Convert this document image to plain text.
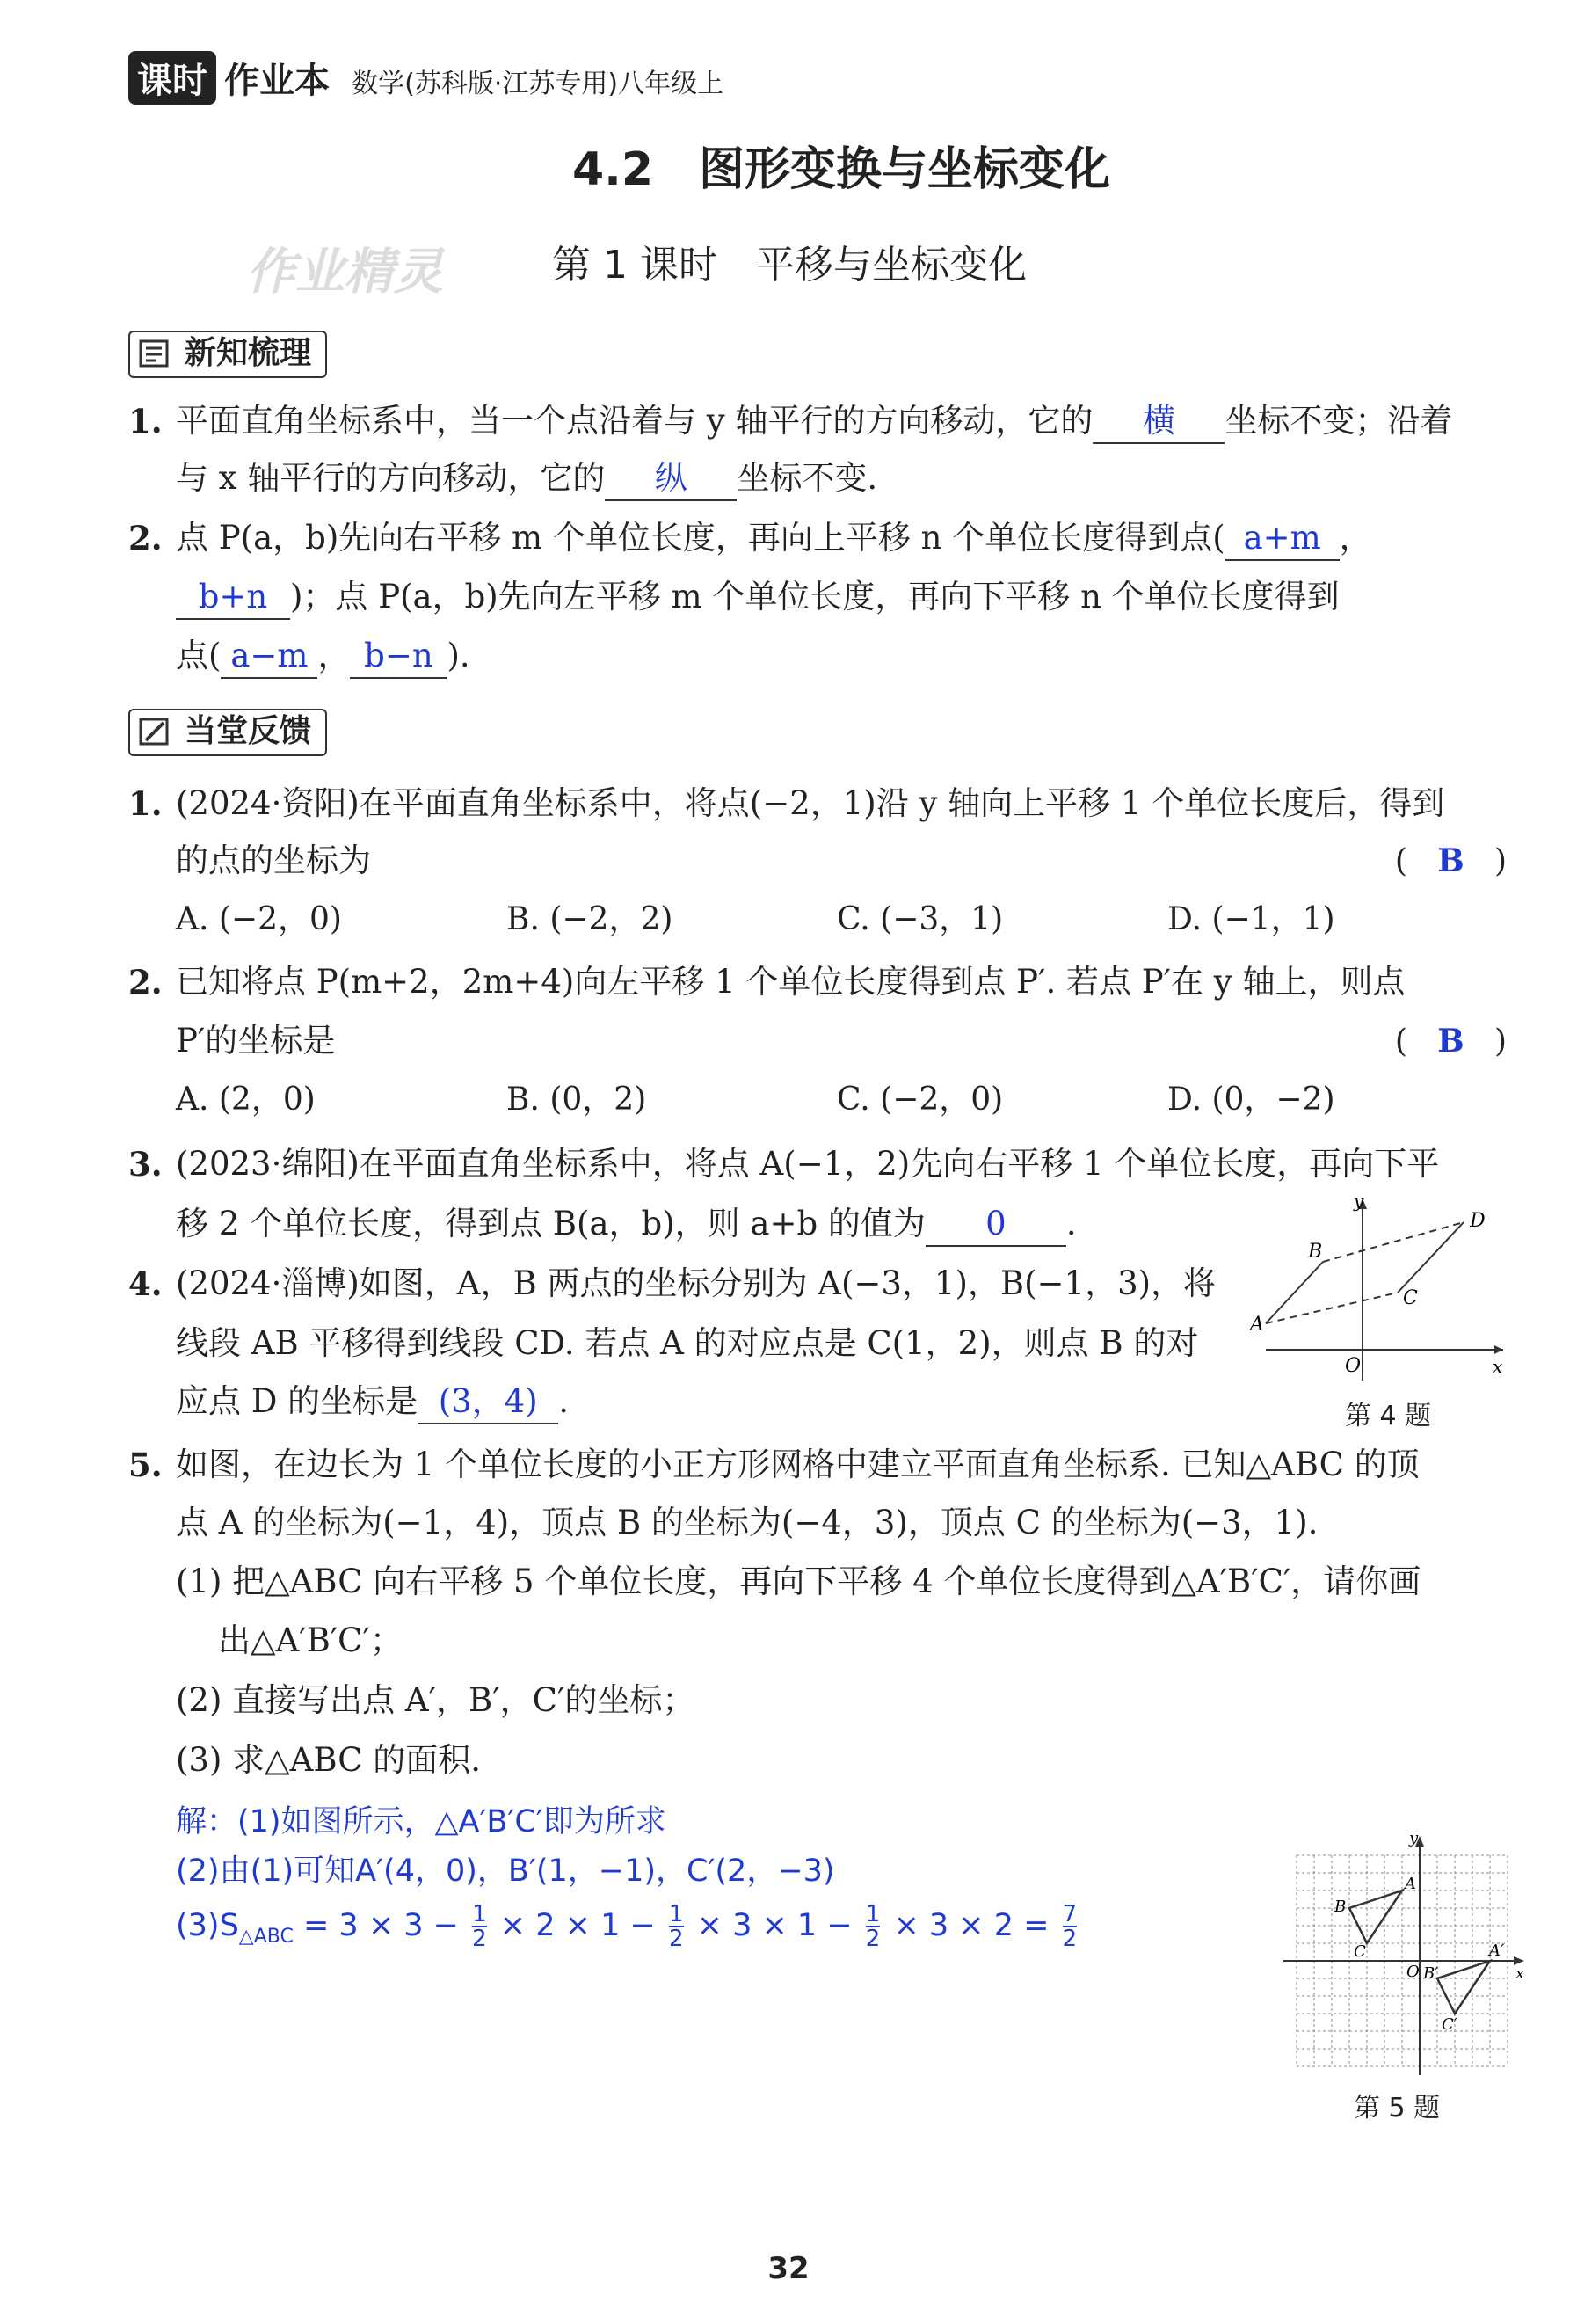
课时 作业本 数学(苏科版·江苏专用)八年级上
4.2　图形变换与坐标变化
作业精灵	第 1 课时　平移与坐标变化
新知梳理
1. 平面直角坐标系中，当一个点沿着与 y 轴平行的方向移动，它的 横 坐标不变；沿着
与 x 轴平行的方向移动，它的 纵 坐标不变.
2. 点 P(a，b)先向右平移 m 个单位长度，再向上平移 n 个单位长度得到点( a+m ，
b+n )；点 P(a，b)先向左平移 m 个单位长度，再向下平移 n 个单位长度得到
点( a−m ， b−n ).
当堂反馈
1. (2024·资阳)在平面直角坐标系中，将点(−2，1)沿 y 轴向上平移 1 个单位长度后，得到
的点的坐标为	(   B   )
A. (−2，0)	B. (−2，2)	C. (−3，1)	D. (−1，1)
2. 已知将点 P(m+2，2m+4)向左平移 1 个单位长度得到点 P′. 若点 P′在 y 轴上，则点
P′的坐标是	(   B   )
A. (2，0)	B. (0，2)	C. (−2，0)	D. (0，−2)
3. (2023·绵阳)在平面直角坐标系中，将点 A(−1，2)先向右平移 1 个单位长度，再向下平
移 2 个单位长度，得到点 B(a，b)，则 a+b 的值为 0 .
4. (2024·淄博)如图，A，B 两点的坐标分别为 A(−3，1)，B(−1，3)，将
线段 AB 平移得到线段 CD. 若点 A 的对应点是 C(1，2)，则点 B 的对
应点 D 的坐标是 (3，4) .
y
x
O
A
B
C
D
第 4 题
5. 如图，在边长为 1 个单位长度的小正方形网格中建立平面直角坐标系. 已知△ABC 的顶
点 A 的坐标为(−1，4)，顶点 B 的坐标为(−4，3)，顶点 C 的坐标为(−3，1).
(1) 把△ABC 向右平移 5 个单位长度，再向下平移 4 个单位长度得到△A′B′C′，请你画
出△A′B′C′；
(2) 直接写出点 A′，B′，C′的坐标；
(3) 求△ABC 的面积.
解：(1)如图所示，△A′B′C′即为所求
(2)由(1)可知A′(4，0)，B′(1，−1)，C′(2，−3)
$(3)S_{\triangle ABC} = 3 \times 3 - \frac{1}{2} \times 2 \times 1 - \frac{1}{2} \times 3 \times 1 - \frac{1}{2} \times 3 \times 2 = \frac{7}{2}$
y
x
O
A
B
C	A′
B′
C′
第 5 题
32
